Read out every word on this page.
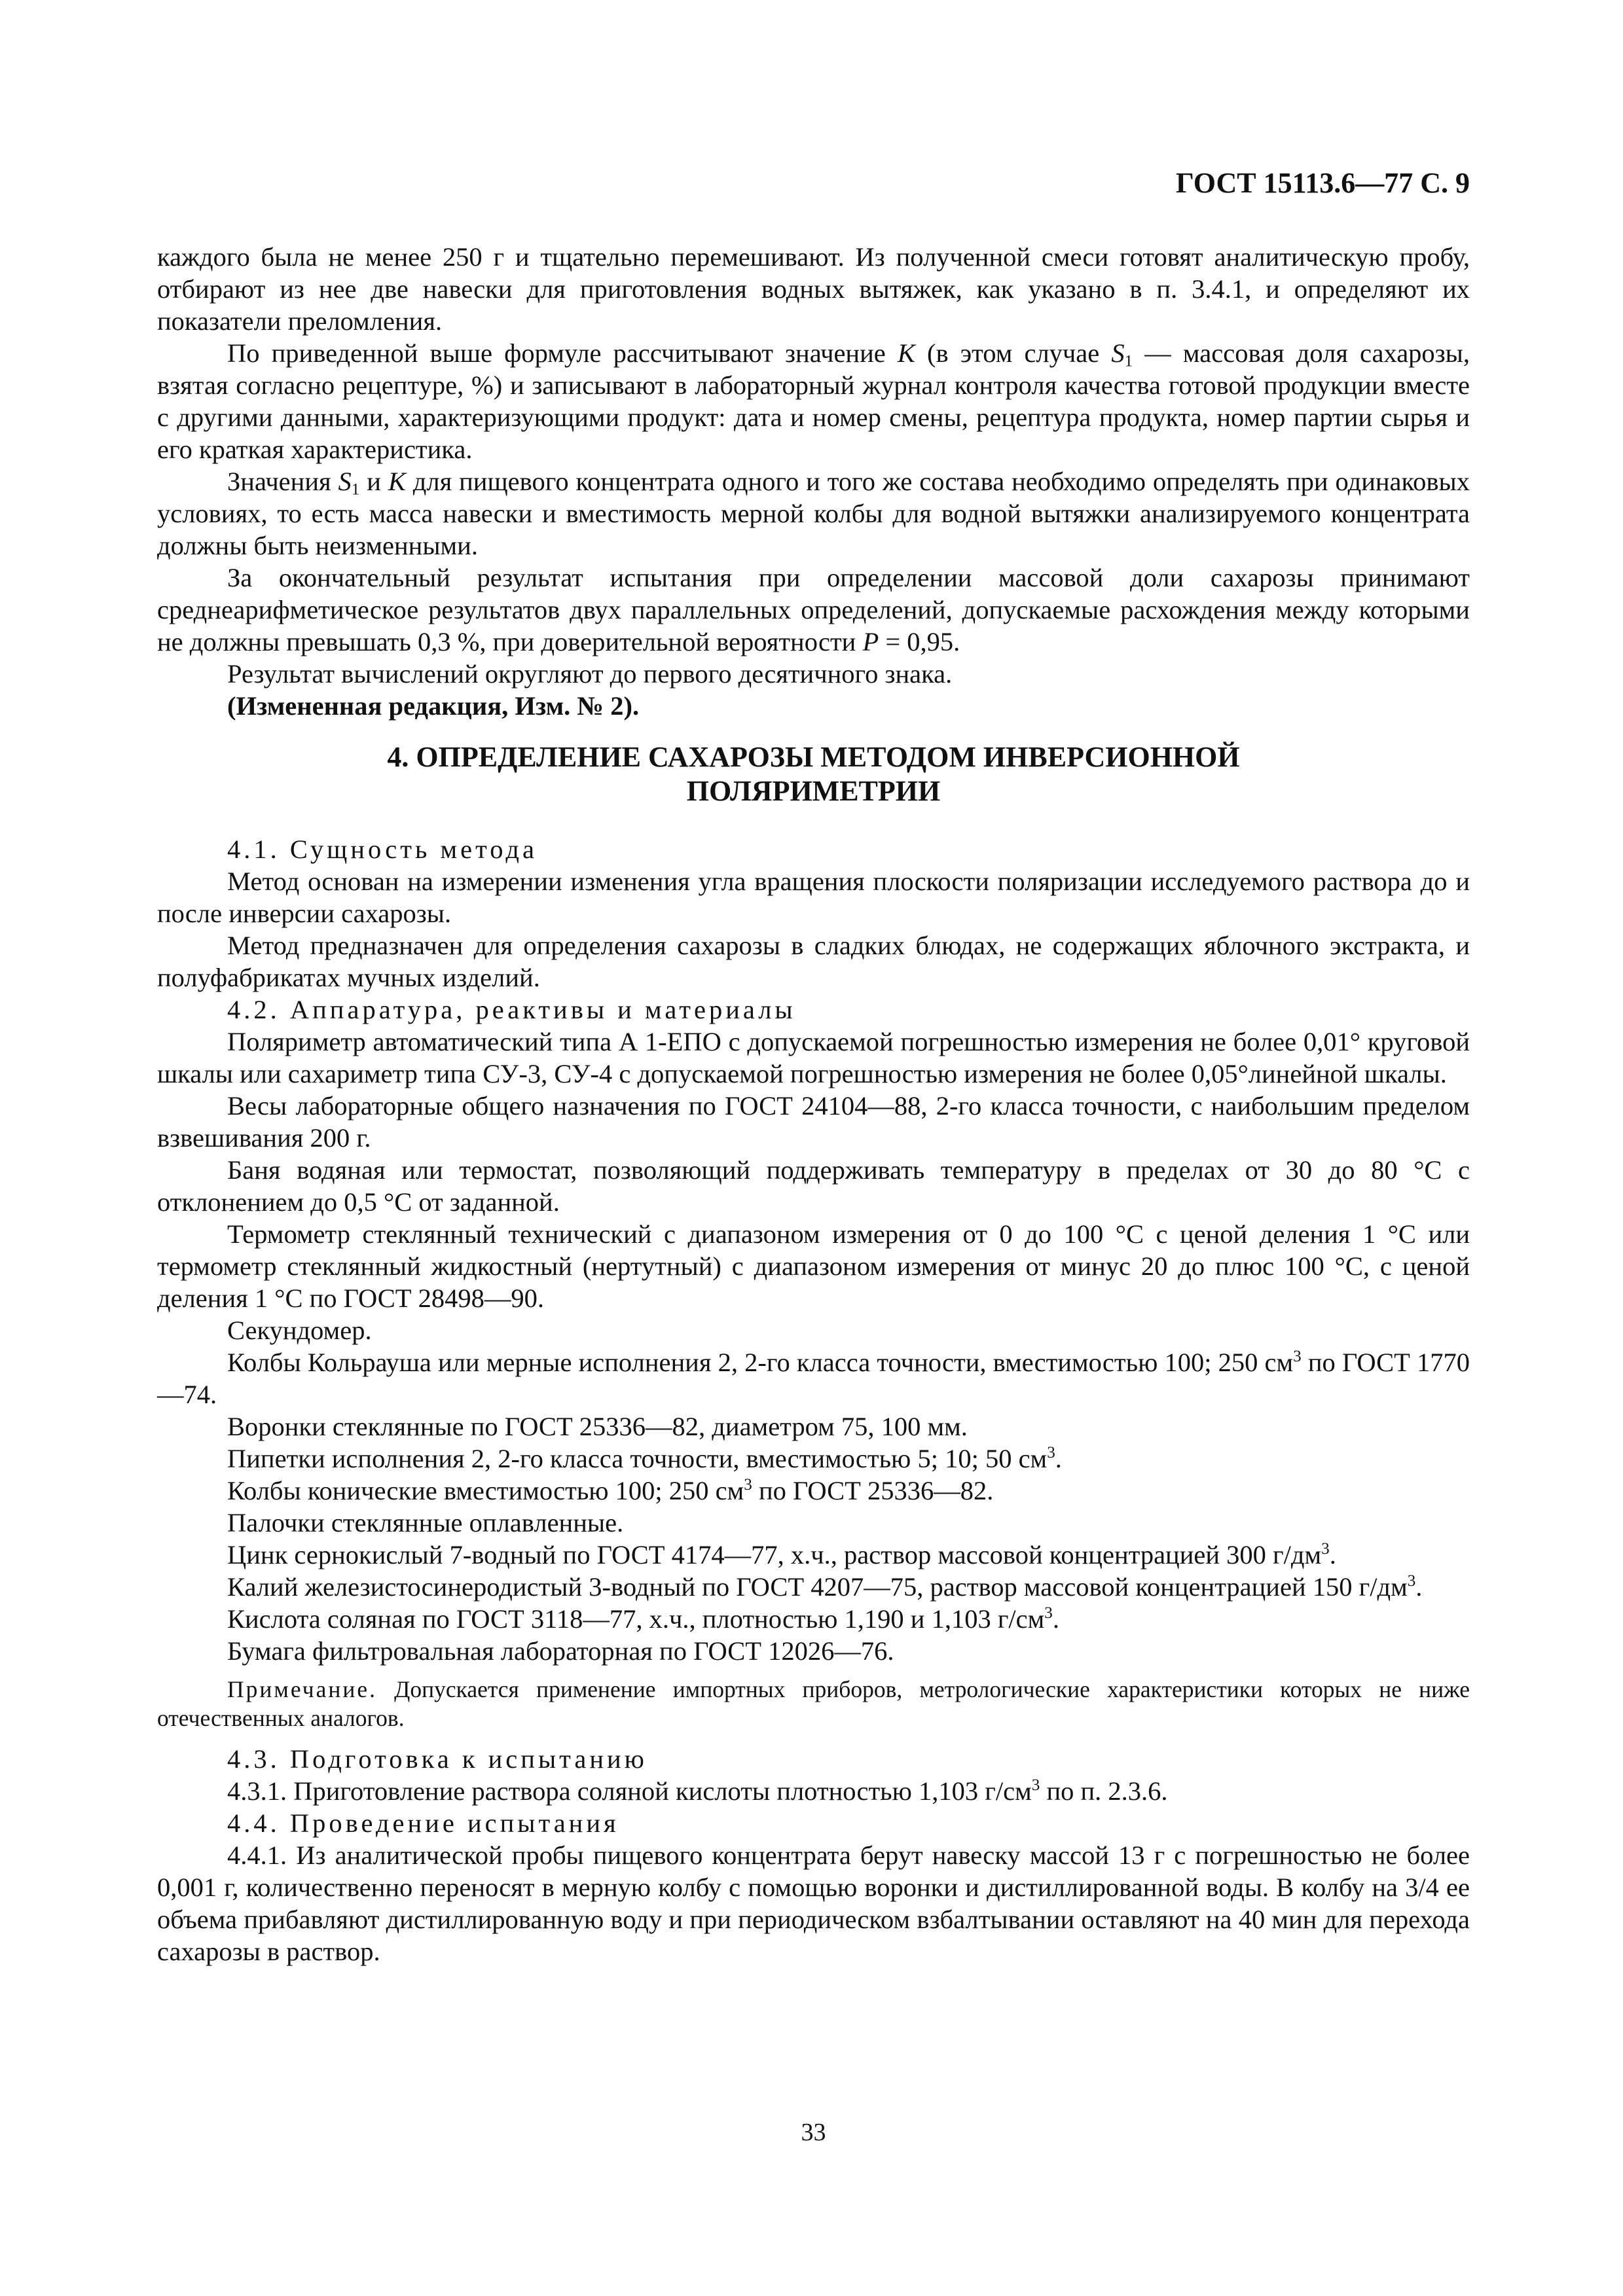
ГОСТ 15113.6—77 С. 9

каждого была не менее 250 г и тщательно перемешивают. Из полученной смеси готовят аналитическую пробу, отбирают из нее две навески для приготовления водных вытяжек, как указано в п. 3.4.1, и определяют их показатели преломления.

По приведенной выше формуле рассчитывают значение K (в этом случае $S_1$ — массовая доля сахарозы, взятая согласно рецептуре, %) и записывают в лабораторный журнал контроля качества готовой продукции вместе с другими данными, характеризующими продукт: дата и номер смены, рецептура продукта, номер партии сырья и его краткая характеристика.

Значения $S_1$ и K для пищевого концентрата одного и того же состава необходимо определять при одинаковых условиях, то есть масса навески и вместимость мерной колбы для водной вытяжки анализируемого концентрата должны быть неизменными.

За окончательный результат испытания при определении массовой доли сахарозы принимают среднеарифметическое результатов двух параллельных определений, допускаемые расхождения между которыми не должны превышать 0,3 %, при доверительной вероятности P = 0,95.

Результат вычислений округляют до первого десятичного знака.

(Измененная редакция, Изм. № 2).

4. ОПРЕДЕЛЕНИЕ САХАРОЗЫ МЕТОДОМ ИНВЕРСИОННОЙ
ПОЛЯРИМЕТРИИ

4.1. Сущность метода

Метод основан на измерении изменения угла вращения плоскости поляризации исследуемого раствора до и после инверсии сахарозы.

Метод предназначен для определения сахарозы в сладких блюдах, не содержащих яблочного экстракта, и полуфабрикатах мучных изделий.

4.2. Аппаратура, реактивы и материалы

Поляриметр автоматический типа А 1-ЕПО с допускаемой погрешностью измерения не более 0,01° круговой шкалы или сахариметр типа СУ-3, СУ-4 с допускаемой погрешностью измерения не более 0,05°линейной шкалы.

Весы лабораторные общего назначения по ГОСТ 24104—88, 2-го класса точности, с наибольшим пределом взвешивания 200 г.

Баня водяная или термостат, позволяющий поддерживать температуру в пределах от 30 до 80 °С с отклонением до 0,5 °С от заданной.

Термометр стеклянный технический с диапазоном измерения от 0 до 100 °С с ценой деления 1 °С или термометр стеклянный жидкостный (нертутный) с диапазоном измерения от минус 20 до плюс 100 °С, с ценой деления 1 °С по ГОСТ 28498—90.

Секундомер.

Колбы Кольрауша или мерные исполнения 2, 2-го класса точности, вместимостью 100; 250 $см^3$ по ГОСТ 1770—74.

Воронки стеклянные по ГОСТ 25336—82, диаметром 75, 100 мм.

Пипетки исполнения 2, 2-го класса точности, вместимостью 5; 10; 50 $см^3$.

Колбы конические вместимостью 100; 250 $см^3$ по ГОСТ 25336—82.

Палочки стеклянные оплавленные.

Цинк сернокислый 7-водный по ГОСТ 4174—77, х.ч., раствор массовой концентрацией 300 $г/дм^3$.

Калий железистосинеродистый 3-водный по ГОСТ 4207—75, раствор массовой концентрацией 150 $г/дм^3$.

Кислота соляная по ГОСТ 3118—77, х.ч., плотностью 1,190 и 1,103 $г/см^3$.

Бумага фильтровальная лабораторная по ГОСТ 12026—76.

Примечание. Допускается применение импортных приборов, метрологические характеристики которых не ниже отечественных аналогов.

4.3. Подготовка к испытанию

4.3.1. Приготовление раствора соляной кислоты плотностью 1,103 $г/см^3$ по п. 2.3.6.

4.4. Проведение испытания

4.4.1. Из аналитической пробы пищевого концентрата берут навеску массой 13 г с погрешностью не более 0,001 г, количественно переносят в мерную колбу с помощью воронки и дистиллированной воды. В колбу на 3/4 ее объема прибавляют дистиллированную воду и при периодическом взбалтывании оставляют на 40 мин для перехода сахарозы в раствор.

33
